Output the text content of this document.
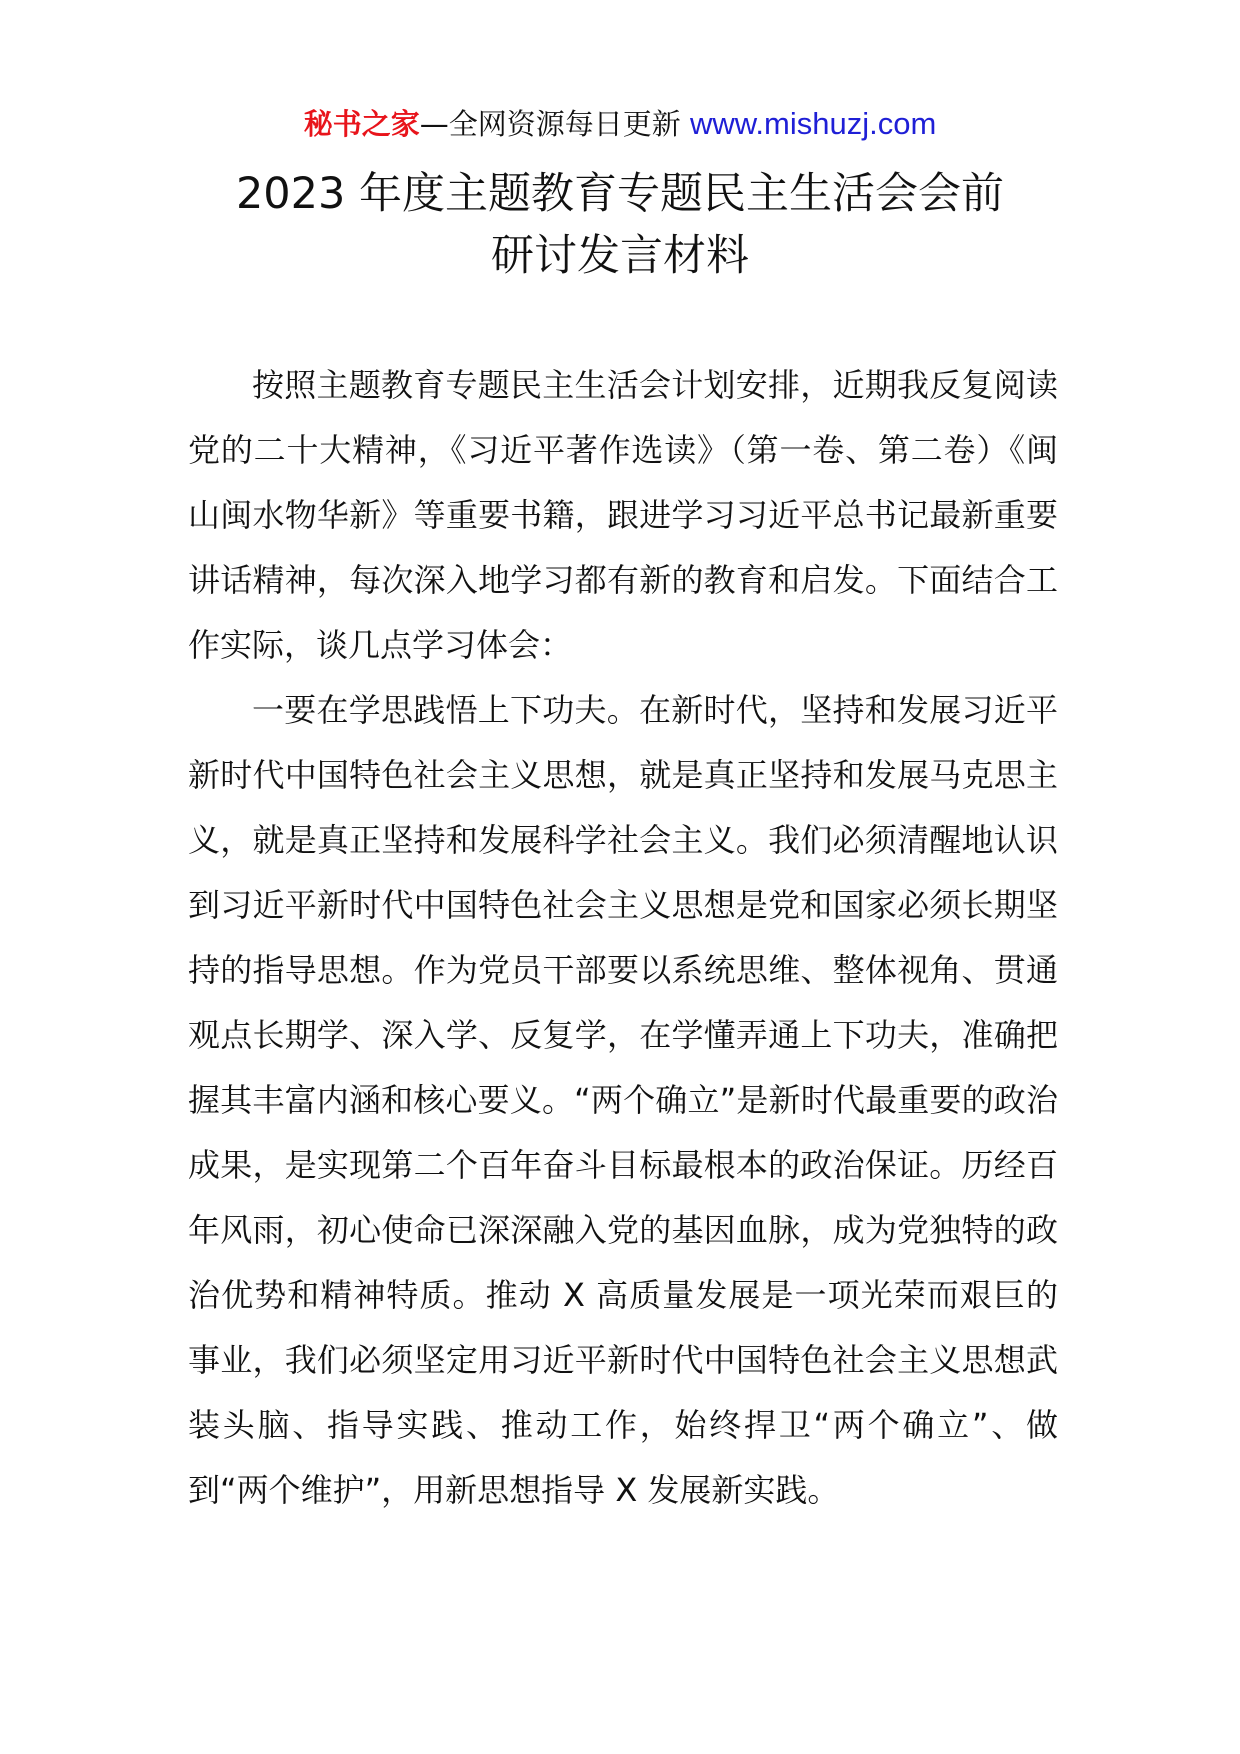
秘书之家—全网资源每日更新 www.mishuzj.com
2023 年度主题教育专题民主生活会会前
研讨发言材料

按照主题教育专题民主生活会计划安排，近期我反复阅读党的二十大精神，《习近平著作选读》（第一卷、第二卷）《闽山闽水物华新》等重要书籍，跟进学习习近平总书记最新重要讲话精神，每次深入地学习都有新的教育和启发。下面结合工作实际，谈几点学习体会：

一要在学思践悟上下功夫。在新时代，坚持和发展习近平新时代中国特色社会主义思想，就是真正坚持和发展马克思主义，就是真正坚持和发展科学社会主义。我们必须清醒地认识到习近平新时代中国特色社会主义思想是党和国家必须长期坚持的指导思想。作为党员干部要以系统思维、整体视角、贯通观点长期学、深入学、反复学，在学懂弄通上下功夫，准确把握其丰富内涵和核心要义。“两个确立”是新时代最重要的政治成果，是实现第二个百年奋斗目标最根本的政治保证。历经百年风雨，初心使命已深深融入党的基因血脉，成为党独特的政治优势和精神特质。推动 X 高质量发展是一项光荣而艰巨的事业，我们必须坚定用习近平新时代中国特色社会主义思想武装头脑、指导实践、推动工作，始终捍卫“两个确立”、做到“两个维护”，用新思想指导 X 发展新实践。
